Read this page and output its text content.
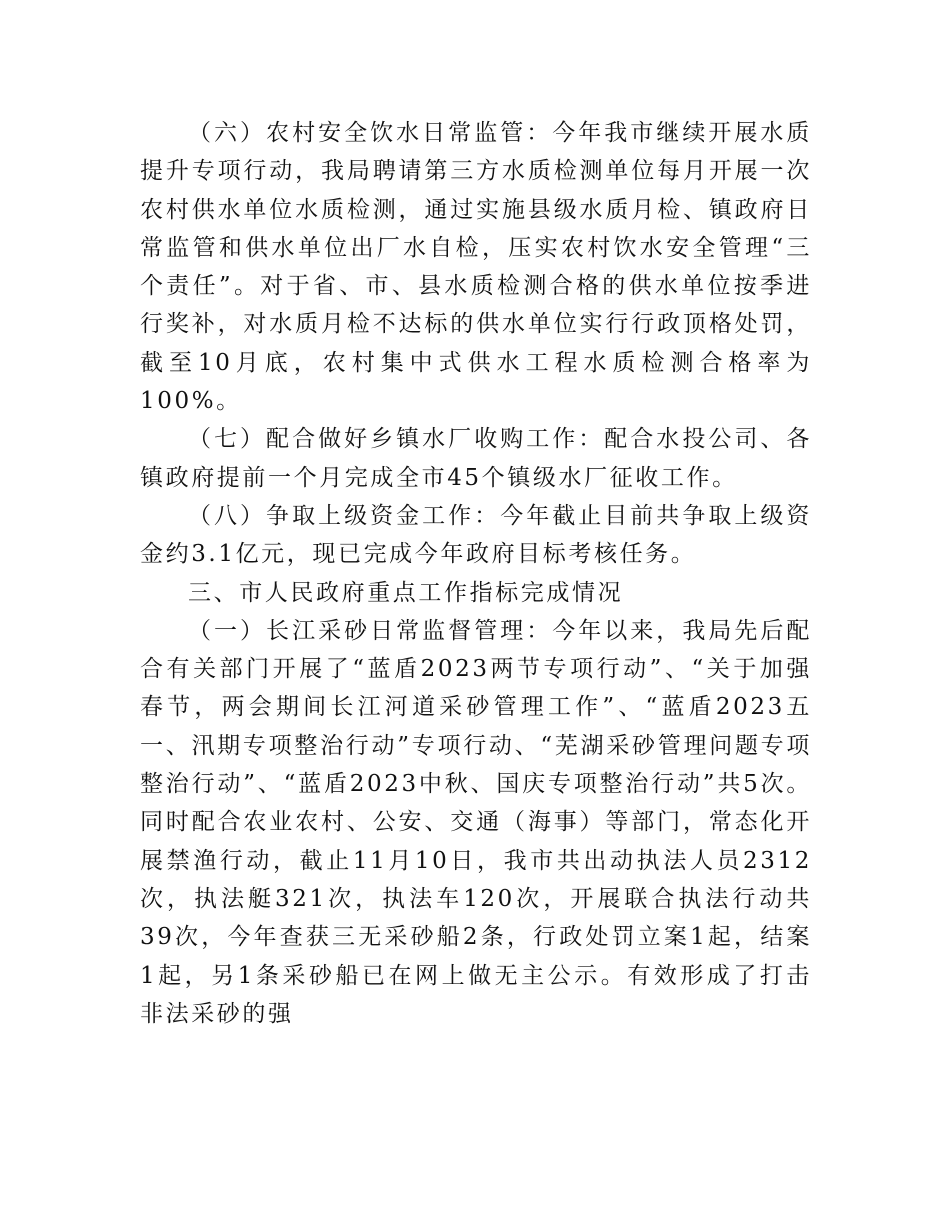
（六）农村安全饮水日常监管：今年我市继续开展水质提升专项行动，我局聘请第三方水质检测单位每月开展一次农村供水单位水质检测，通过实施县级水质月检、镇政府日常监管和供水单位出厂水自检，压实农村饮水安全管理“三个责任”。对于省、市、县水质检测合格的供水单位按季进行奖补，对水质月检不达标的供水单位实行行政顶格处罚，截至10月底，农村集中式供水工程水质检测合格率为100%。

（七）配合做好乡镇水厂收购工作：配合水投公司、各镇政府提前一个月完成全市45个镇级水厂征收工作。

（八）争取上级资金工作：今年截止目前共争取上级资金约3.1亿元，现已完成今年政府目标考核任务。

三、市人民政府重点工作指标完成情况

（一）长江采砂日常监督管理：今年以来，我局先后配合有关部门开展了“蓝盾2023两节专项行动”、“关于加强春节，两会期间长江河道采砂管理工作”、“蓝盾2023五一、汛期专项整治行动”专项行动、“芜湖采砂管理问题专项整治行动”、“蓝盾2023中秋、国庆专项整治行动”共5次。同时配合农业农村、公安、交通（海事）等部门，常态化开展禁渔行动，截止11月10日，我市共出动执法人员2312次，执法艇321次，执法车120次，开展联合执法行动共39次，今年查获三无采砂船2条，行政处罚立案1起，结案1起，另1条采砂船已在网上做无主公示。有效形成了打击非法采砂的强
